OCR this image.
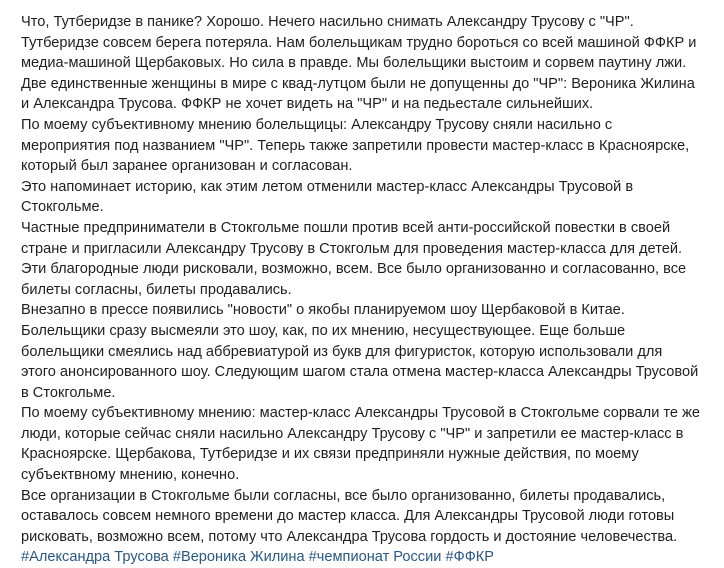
Что, Тутберидзе в панике? Хорошо. Нечего насильно снимать Александру Трусову с "ЧР".
Тутберидзе совсем берега потеряла. Нам болельщикам трудно бороться со всей машиной ФФКР и
медиа-машиной Щербаковых. Но сила в правде. Мы болельщики выстоим и сорвем паутину лжи.
Две единственные женщины в мире с квад-лутцом были не допущенны до "ЧР": Вероника Жилина
и Александра Трусова. ФФКР не хочет видеть на "ЧР" и на педьестале сильнейших.
По моему субъективному мнению болельщицы: Александру Трусову сняли насильно с
мероприятия под названием "ЧР". Теперь также запретили провести мастер-класс в Красноярске,
который был заранее организован и согласован.
Это напоминает историю, как этим летом отменили мастер-класс Александры Трусовой в
Стокгольме.
Частные предприниматели в Стокгольме пошли против всей анти-российской повестки в своей
стране и пригласили Александру Трусову в Стокгольм для проведения мастер-класса для детей.
Эти благородные люди рисковали, возможно, всем. Все было организованно и согласованно, все
билеты согласны, билеты продавались.
Внезапно в прессе появились "новости" о якобы планируемом шоу Щербаковой в Китае.
Болельщики сразу высмеяли это шоу, как, по их мнению, несуществующее. Еще больше
болельщики смеялись над аббревиатурой из букв для фигуристок, которую использовали для
этого анонсированного шоу. Следующим шагом стала отмена мастер-класса Александры Трусовой
в Стокгольме.
По моему субъективному мнению: мастер-класс Александры Трусовой в Стокгольме сорвали те же
люди, которые сейчас сняли насильно Александру Трусову с "ЧР" и запретили ее мастер-класс в
Красноярске. Щербакова, Тутберидзе и их связи предприняли нужные действия, по моему
субъектвному мнению, конечно.
Все организации в Стокгольме были согласны, все было организованно, билеты продавались,
оставалось совсем немного времени до мастер класса. Для Александры Трусовой люди готовы
рисковать, возможно всем, потому что Александра Трусова гордость и достояние человечества.
#Александра Трусова #Вероника Жилина #чемпионат России #ФФКР
